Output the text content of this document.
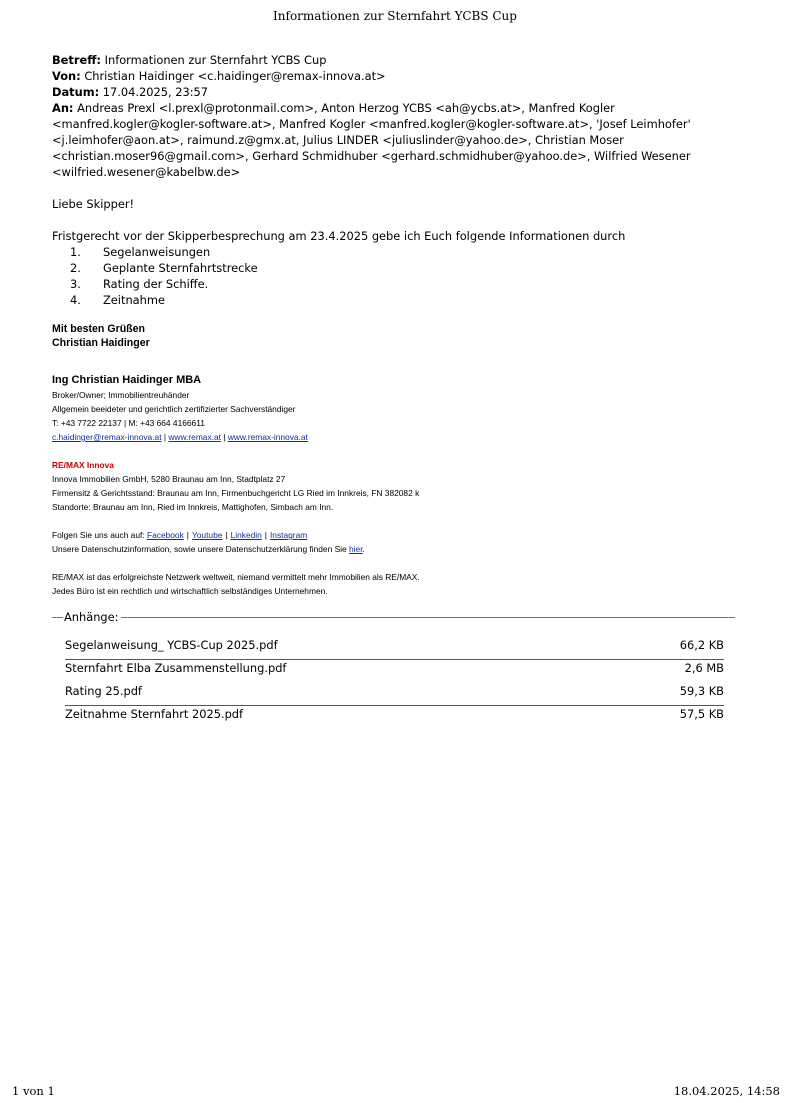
Informationen zur Sternfahrt YCBS Cup

Betreff: Informationen zur Sternfahrt YCBS Cup

Von: Christian Haidinger <c.haidinger@remax-innova.at>

Datum: 17.04.2025, 23:57

An: Andreas Prexl <l.prexl@protonmail.com>, Anton Herzog YCBS <ah@ycbs.at>, Manfred Kogler <manfred.kogler@kogler-software.at>, Manfred Kogler <manfred.kogler@kogler-software.at>, 'Josef Leimhofer' <j.leimhofer@aon.at>, raimund.z@gmx.at, Julius LINDER <juliuslinder@yahoo.de>, Christian Moser <christian.moser96@gmail.com>, Gerhard Schmidhuber <gerhard.schmidhuber@yahoo.de>, Wilfried Wesener <wilfried.wesener@kabelbw.de>

Liebe Skipper!

Fristgerecht vor der Skipperbesprechung am 23.4.2025 gebe ich Euch folgende Informationen durch

1.	Segelanweisungen
2.	Geplante Sternfahrtstrecke
3.	Rating der Schiffe.
4.	Zeitnahme
Mit besten Grüßen
Christian Haidinger
Ing Christian Haidinger MBA
Broker/Owner; Immobilientreuhänder
Allgemein beeideter und gerichtlich zertifizierter Sachverständiger
T: +43 7722 22137 | M: +43 664 4166611
c.haidinger@remax-innova.at | www.remax.at | www.remax-innova.at
RE/MAX Innova
Innova Immobilien GmbH, 5280 Braunau am Inn, Stadtplatz 27
Firmensitz & Gerichtsstand: Braunau am Inn, Firmenbuchgericht LG Ried im Innkreis, FN 382082 k
Standorte: Braunau am Inn, Ried im Innkreis, Mattighofen, Simbach am Inn.
Folgen Sie uns auch auf: Facebook | Youtube | Linkedin | Instagram
Unsere Datenschutzinformation, sowie unsere Datenschutzerklärung finden Sie hier.
RE/MAX ist das erfolgreichste Netzwerk weltweit, niemand vermittelt mehr Immobilien als RE/MAX.
Jedes Büro ist ein rechtlich und wirtschaftlich selbständiges Unternehmen.
Anhänge:
Segelanweisung_ YCBS-Cup 2025.pdf	66,2 KB
Sternfahrt Elba Zusammenstellung.pdf	2,6 MB
Rating 25.pdf	59,3 KB
Zeitnahme Sternfahrt 2025.pdf	57,5 KB
1 von 1	18.04.2025, 14:58
